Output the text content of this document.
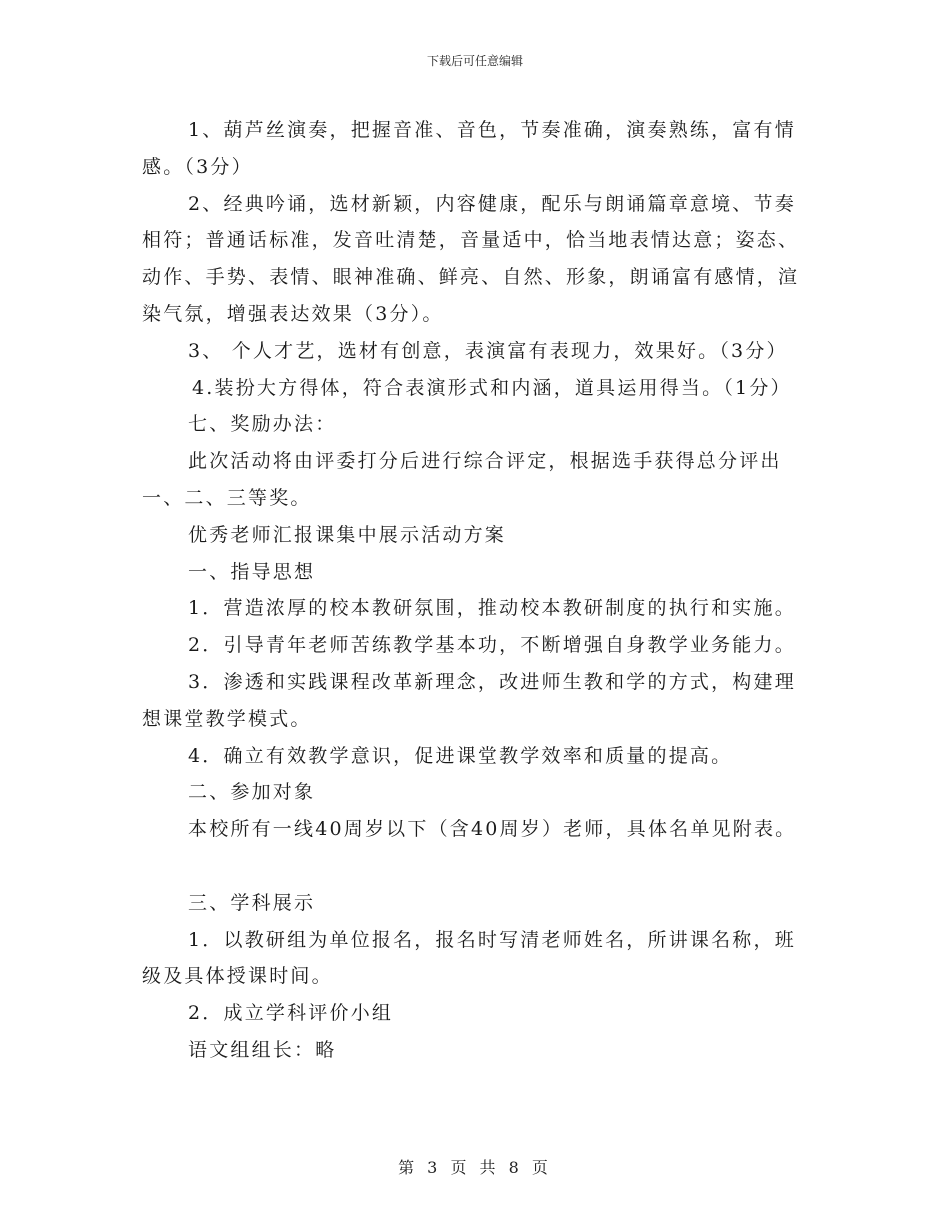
下载后可任意编辑

1、葫芦丝演奏，把握音准、音色，节奏准确，演奏熟练，富有情感。（3分）

2、经典吟诵，选材新颖，内容健康，配乐与朗诵篇章意境、节奏相符；普通话标准，发音吐清楚，音量适中，恰当地表情达意；姿态、动作、手势、表情、眼神准确、鲜亮、自然、形象，朗诵富有感情，渲染气氛，增强表达效果（3分）。

3、 个人才艺，选材有创意，表演富有表现力，效果好。（3分）

4.装扮大方得体，符合表演形式和内涵，道具运用得当。（1分）

七、奖励办法：

此次活动将由评委打分后进行综合评定，根据选手获得总分评出一、二、三等奖。

优秀老师汇报课集中展示活动方案

一、指导思想

1．营造浓厚的校本教研氛围，推动校本教研制度的执行和实施。

2．引导青年老师苦练教学基本功，不断增强自身教学业务能力。

3．渗透和实践课程改革新理念，改进师生教和学的方式，构建理想课堂教学模式。

4．确立有效教学意识，促进课堂教学效率和质量的提高。

二、参加对象

本校所有一线40周岁以下（含40周岁）老师，具体名单见附表。

三、学科展示

1．以教研组为单位报名，报名时写清老师姓名，所讲课名称，班级及具体授课时间。

2．成立学科评价小组

语文组组长：略

第 3 页 共 8 页
